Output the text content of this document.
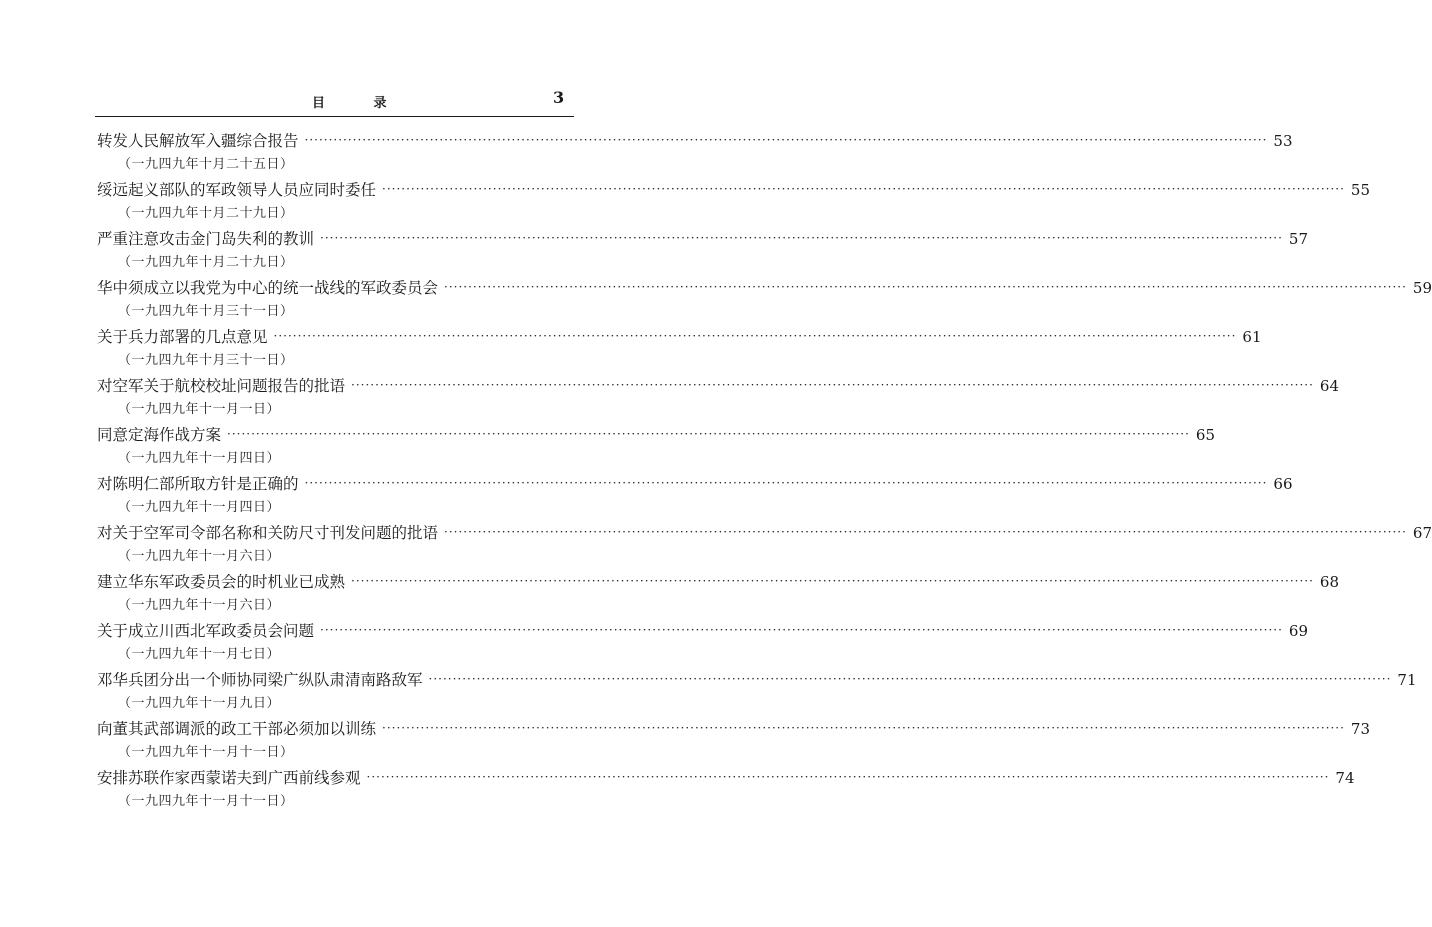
目 录	3
转发人民解放军入疆综合报告 ········································································································································································································ 53
（一九四九年十月二十五日）
绥远起义部队的军政领导人员应同时委任 ········································································································································································································ 55
（一九四九年十月二十九日）
严重注意攻击金门岛失利的教训 ········································································································································································································ 57
（一九四九年十月二十九日）
华中须成立以我党为中心的统一战线的军政委员会 ········································································································································································································ 59
（一九四九年十月三十一日）
关于兵力部署的几点意见 ········································································································································································································ 61
（一九四九年十月三十一日）
对空军关于航校校址问题报告的批语 ········································································································································································································ 64
（一九四九年十一月一日）
同意定海作战方案 ········································································································································································································ 65
（一九四九年十一月四日）
对陈明仁部所取方针是正确的 ········································································································································································································ 66
（一九四九年十一月四日）
对关于空军司令部名称和关防尺寸刊发问题的批语 ········································································································································································································ 67
（一九四九年十一月六日）
建立华东军政委员会的时机业已成熟 ········································································································································································································ 68
（一九四九年十一月六日）
关于成立川西北军政委员会问题 ········································································································································································································ 69
（一九四九年十一月七日）
邓华兵团分出一个师协同梁广纵队肃清南路敌军 ········································································································································································································ 71
（一九四九年十一月九日）
向董其武部调派的政工干部必须加以训练 ········································································································································································································ 73
（一九四九年十一月十一日）
安排苏联作家西蒙诺夫到广西前线参观 ········································································································································································································ 74
（一九四九年十一月十一日）
